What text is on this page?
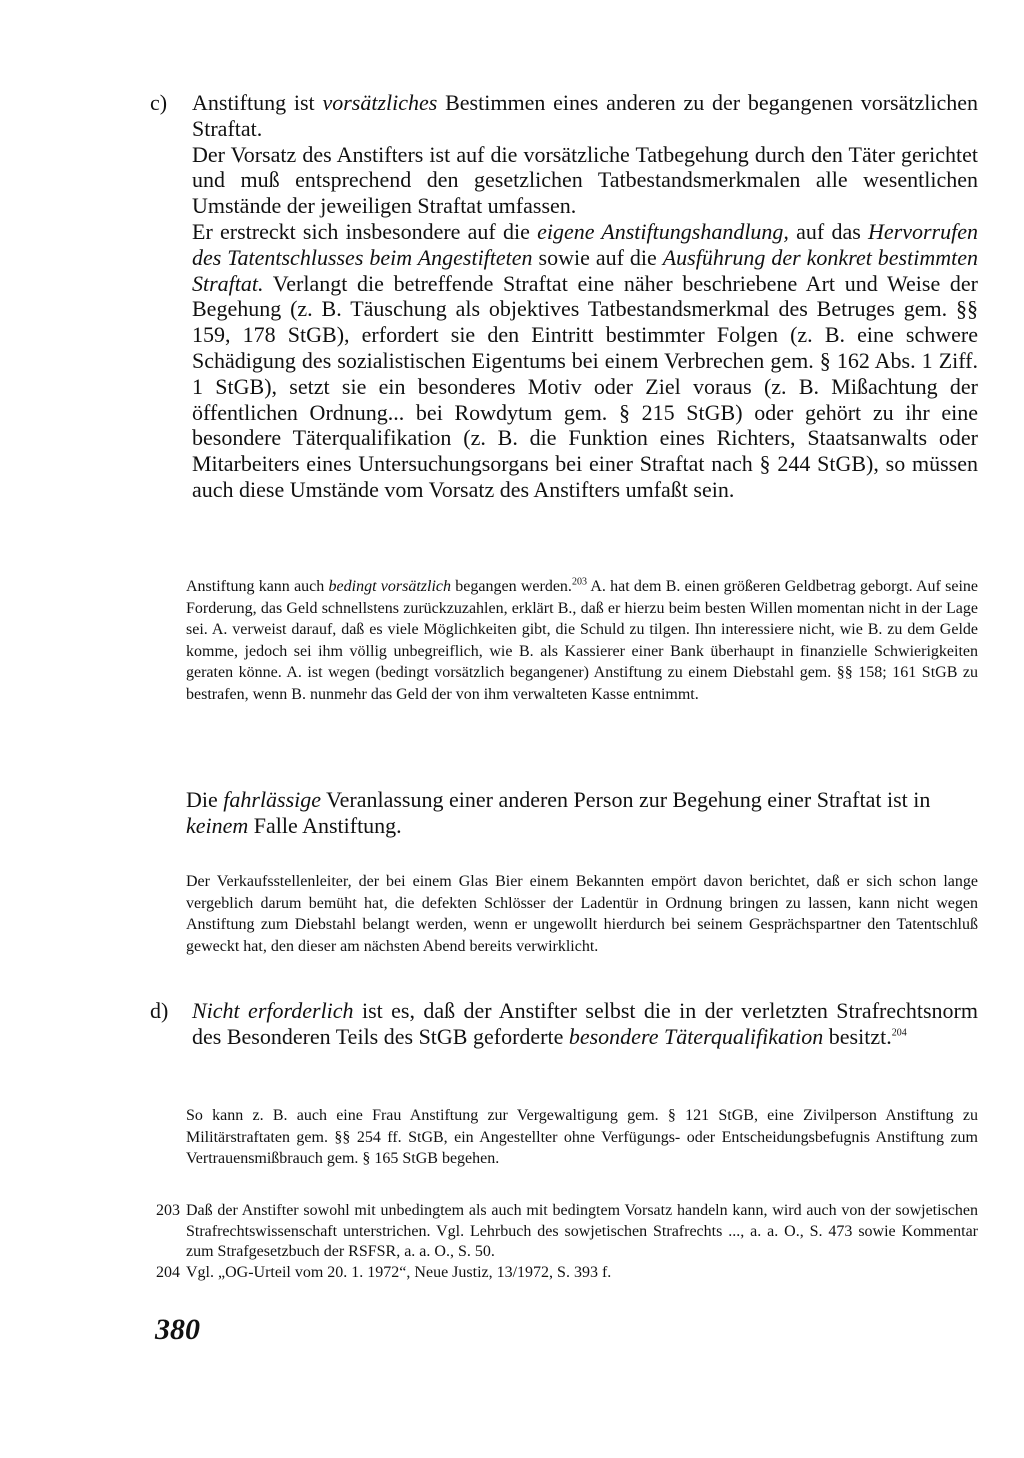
c) Anstiftung ist vorsätzliches Bestimmen eines anderen zu der begangenen vorsätzlichen Straftat.

Der Vorsatz des Anstifters ist auf die vorsätzliche Tatbegehung durch den Täter gerichtet und muß entsprechend den gesetzlichen Tatbestandsmerkmalen alle wesentlichen Umstände der jeweiligen Straftat umfassen.

Er erstreckt sich insbesondere auf die eigene Anstiftungshandlung, auf das Hervorrufen des Tatentschlusses beim Angestifteten sowie auf die Ausführung der konkret bestimmten Straftat. Verlangt die betreffende Straftat eine näher beschriebene Art und Weise der Begehung (z. B. Täuschung als objektives Tatbestandsmerkmal des Betruges gem. §§ 159, 178 StGB), erfordert sie den Eintritt bestimmter Folgen (z. B. eine schwere Schädigung des sozialistischen Eigentums bei einem Verbrechen gem. § 162 Abs. 1 Ziff. 1 StGB), setzt sie ein besonderes Motiv oder Ziel voraus (z. B. Mißachtung der öffentlichen Ordnung... bei Rowdytum gem. § 215 StGB) oder gehört zu ihr eine besondere Täterqualifikation (z. B. die Funktion eines Richters, Staatsanwalts oder Mitarbeiters eines Untersuchungsorgans bei einer Straftat nach § 244 StGB), so müssen auch diese Umstände vom Vorsatz des Anstifters umfaßt sein.

Anstiftung kann auch bedingt vorsätzlich begangen werden.$^{203}$ A. hat dem B. einen größeren Geldbetrag geborgt. Auf seine Forderung, das Geld schnellstens zurückzuzahlen, erklärt B., daß er hierzu beim besten Willen momentan nicht in der Lage sei. A. verweist darauf, daß es viele Möglichkeiten gibt, die Schuld zu tilgen. Ihn interessiere nicht, wie B. zu dem Gelde komme, jedoch sei ihm völlig unbegreiflich, wie B. als Kassierer einer Bank überhaupt in finanzielle Schwierigkeiten geraten könne. A. ist wegen (bedingt vorsätzlich begangener) Anstiftung zu einem Diebstahl gem. §§ 158; 161 StGB zu bestrafen, wenn B. nunmehr das Geld der von ihm verwalteten Kasse entnimmt.

Die fahrlässige Veranlassung einer anderen Person zur Begehung einer Straftat ist in keinem Falle Anstiftung.

Der Verkaufsstellenleiter, der bei einem Glas Bier einem Bekannten empört davon berichtet, daß er sich schon lange vergeblich darum bemüht hat, die defekten Schlösser der Ladentür in Ordnung bringen zu lassen, kann nicht wegen Anstiftung zum Diebstahl belangt werden, wenn er ungewollt hierdurch bei seinem Gesprächspartner den Tatentschluß geweckt hat, den dieser am nächsten Abend bereits verwirklicht.

d) Nicht erforderlich ist es, daß der Anstifter selbst die in der verletzten Strafrechtsnorm des Besonderen Teils des StGB geforderte besondere Täterqualifikation besitzt.$^{204}$

So kann z. B. auch eine Frau Anstiftung zur Vergewaltigung gem. § 121 StGB, eine Zivilperson Anstiftung zu Militärstraftaten gem. §§ 254 ff. StGB, ein Angestellter ohne Verfügungs- oder Entscheidungsbefugnis Anstiftung zum Vertrauensmißbrauch gem. § 165 StGB begehen.

203 Daß der Anstifter sowohl mit unbedingtem als auch mit bedingtem Vorsatz handeln kann, wird auch von der sowjetischen Strafrechtswissenschaft unterstrichen. Vgl. Lehrbuch des sowjetischen Strafrechts ..., a. a. O., S. 473 sowie Kommentar zum Strafgesetzbuch der RSFSR, a. a. O., S. 50.
204 Vgl. „OG-Urteil vom 20. 1. 1972“, Neue Justiz, 13/1972, S. 393 f.
380
